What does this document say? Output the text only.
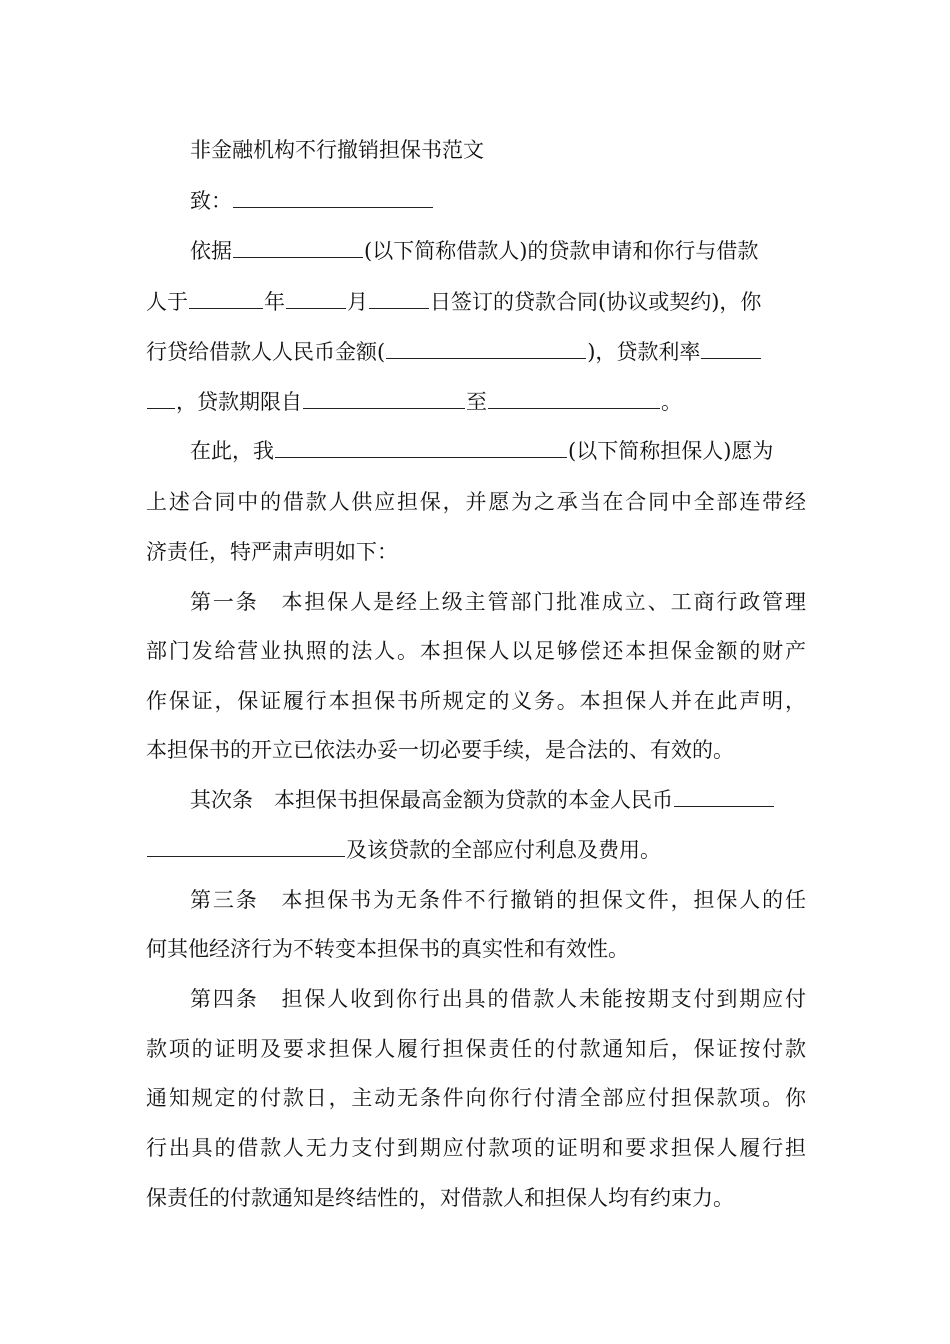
非金融机构不行撤销担保书范文
致：
依据	(以下简称借款人)的贷款申请和你行与借款
人于	年	月	日签订的贷款合同(协议或契约)，你
行贷给借款人人民币金额(	)，贷款利率
，贷款期限自	至	。
在此，我	(以下简称担保人)愿为
上述合同中的借款人供应担保，并愿为之承当在合同中全部连带经
济责任，特严肃声明如下：
第一条　本担保人是经上级主管部门批准成立、工商行政管理
部门发给营业执照的法人。本担保人以足够偿还本担保金额的财产
作保证，保证履行本担保书所规定的义务。本担保人并在此声明，
本担保书的开立已依法办妥一切必要手续，是合法的、有效的。
其次条　本担保书担保最高金额为贷款的本金人民币
及该贷款的全部应付利息及费用。
第三条　本担保书为无条件不行撤销的担保文件，担保人的任
何其他经济行为不转变本担保书的真实性和有效性。
第四条　担保人收到你行出具的借款人未能按期支付到期应付
款项的证明及要求担保人履行担保责任的付款通知后，保证按付款
通知规定的付款日，主动无条件向你行付清全部应付担保款项。你
行出具的借款人无力支付到期应付款项的证明和要求担保人履行担
保责任的付款通知是终结性的，对借款人和担保人均有约束力。
